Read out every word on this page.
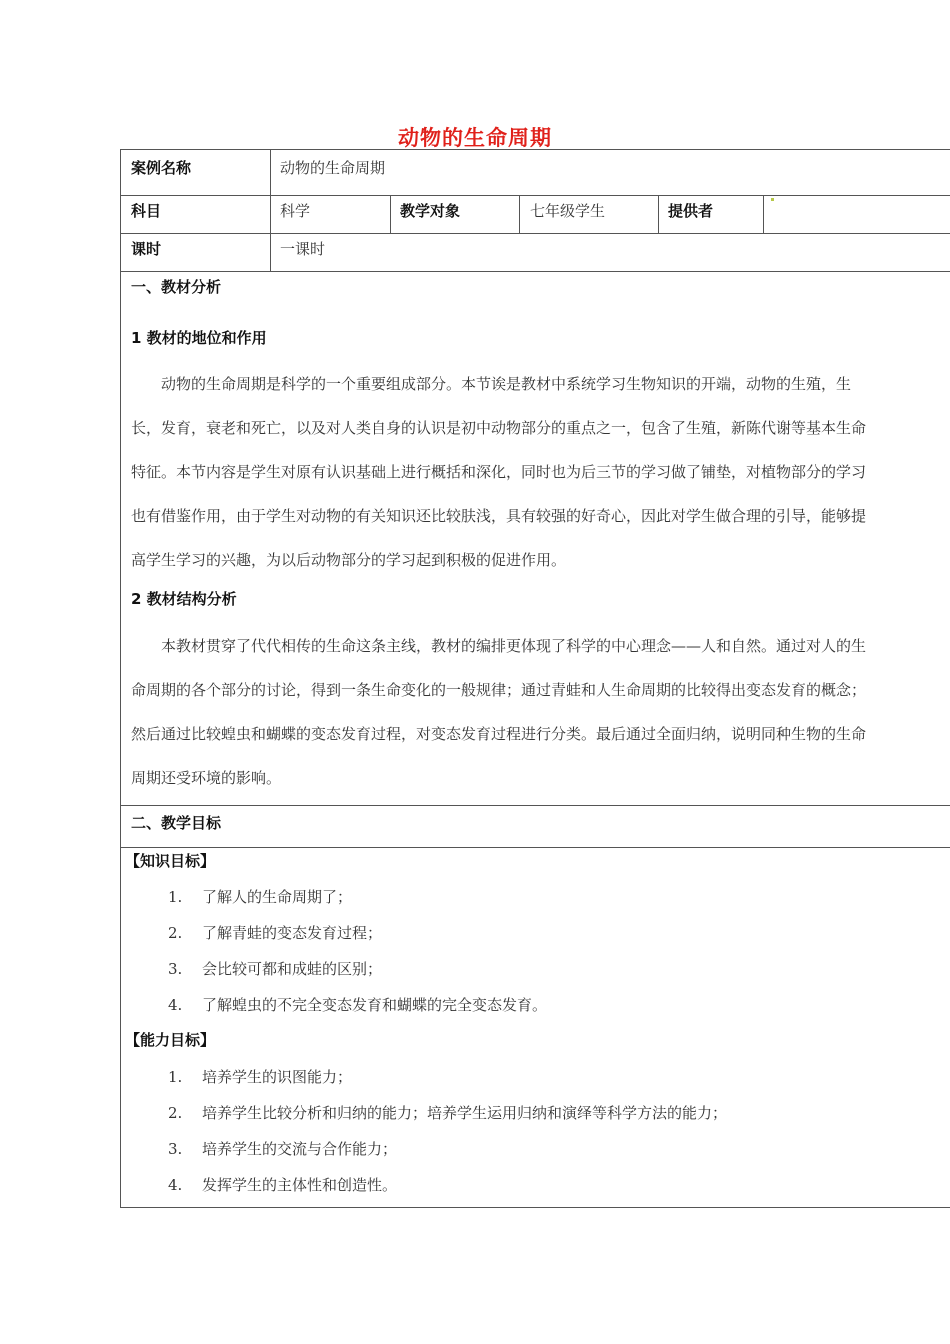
动物的生命周期
案例名称	动物的生命周期
科目	科学	教学对象	七年级学生	提供者
课时	一课时
一、教材分析
1 教材的地位和作用

　　动物的生命周期是科学的一个重要组成部分。本节诶是教材中系统学习生物知识的开端，动物的生殖，生

长，发育，衰老和死亡，以及对人类自身的认识是初中动物部分的重点之一，包含了生殖，新陈代谢等基本生命

特征。本节内容是学生对原有认识基础上进行概括和深化，同时也为后三节的学习做了铺垫，对植物部分的学习

也有借鉴作用，由于学生对动物的有关知识还比较肤浅，具有较强的好奇心，因此对学生做合理的引导，能够提

高学生学习的兴趣，为以后动物部分的学习起到积极的促进作用。

2 教材结构分析

　　本教材贯穿了代代相传的生命这条主线，教材的编排更体现了科学的中心理念——人和自然。通过对人的生

命周期的各个部分的讨论，得到一条生命变化的一般规律；通过青蛙和人生命周期的比较得出变态发育的概念；

然后通过比较蝗虫和蝴蝶的变态发育过程，对变态发育过程进行分类。最后通过全面归纳，说明同种生物的生命

周期还受环境的影响。

二、教学目标
【知识目标】
1. 了解人的生命周期了；
2. 了解青蛙的变态发育过程；
3. 会比较可都和成蛙的区别；
4. 了解蝗虫的不完全变态发育和蝴蝶的完全变态发育。
【能力目标】
1. 培养学生的识图能力；
2. 培养学生比较分析和归纳的能力；培养学生运用归纳和演绎等科学方法的能力；
3. 培养学生的交流与合作能力；
4. 发挥学生的主体性和创造性。
